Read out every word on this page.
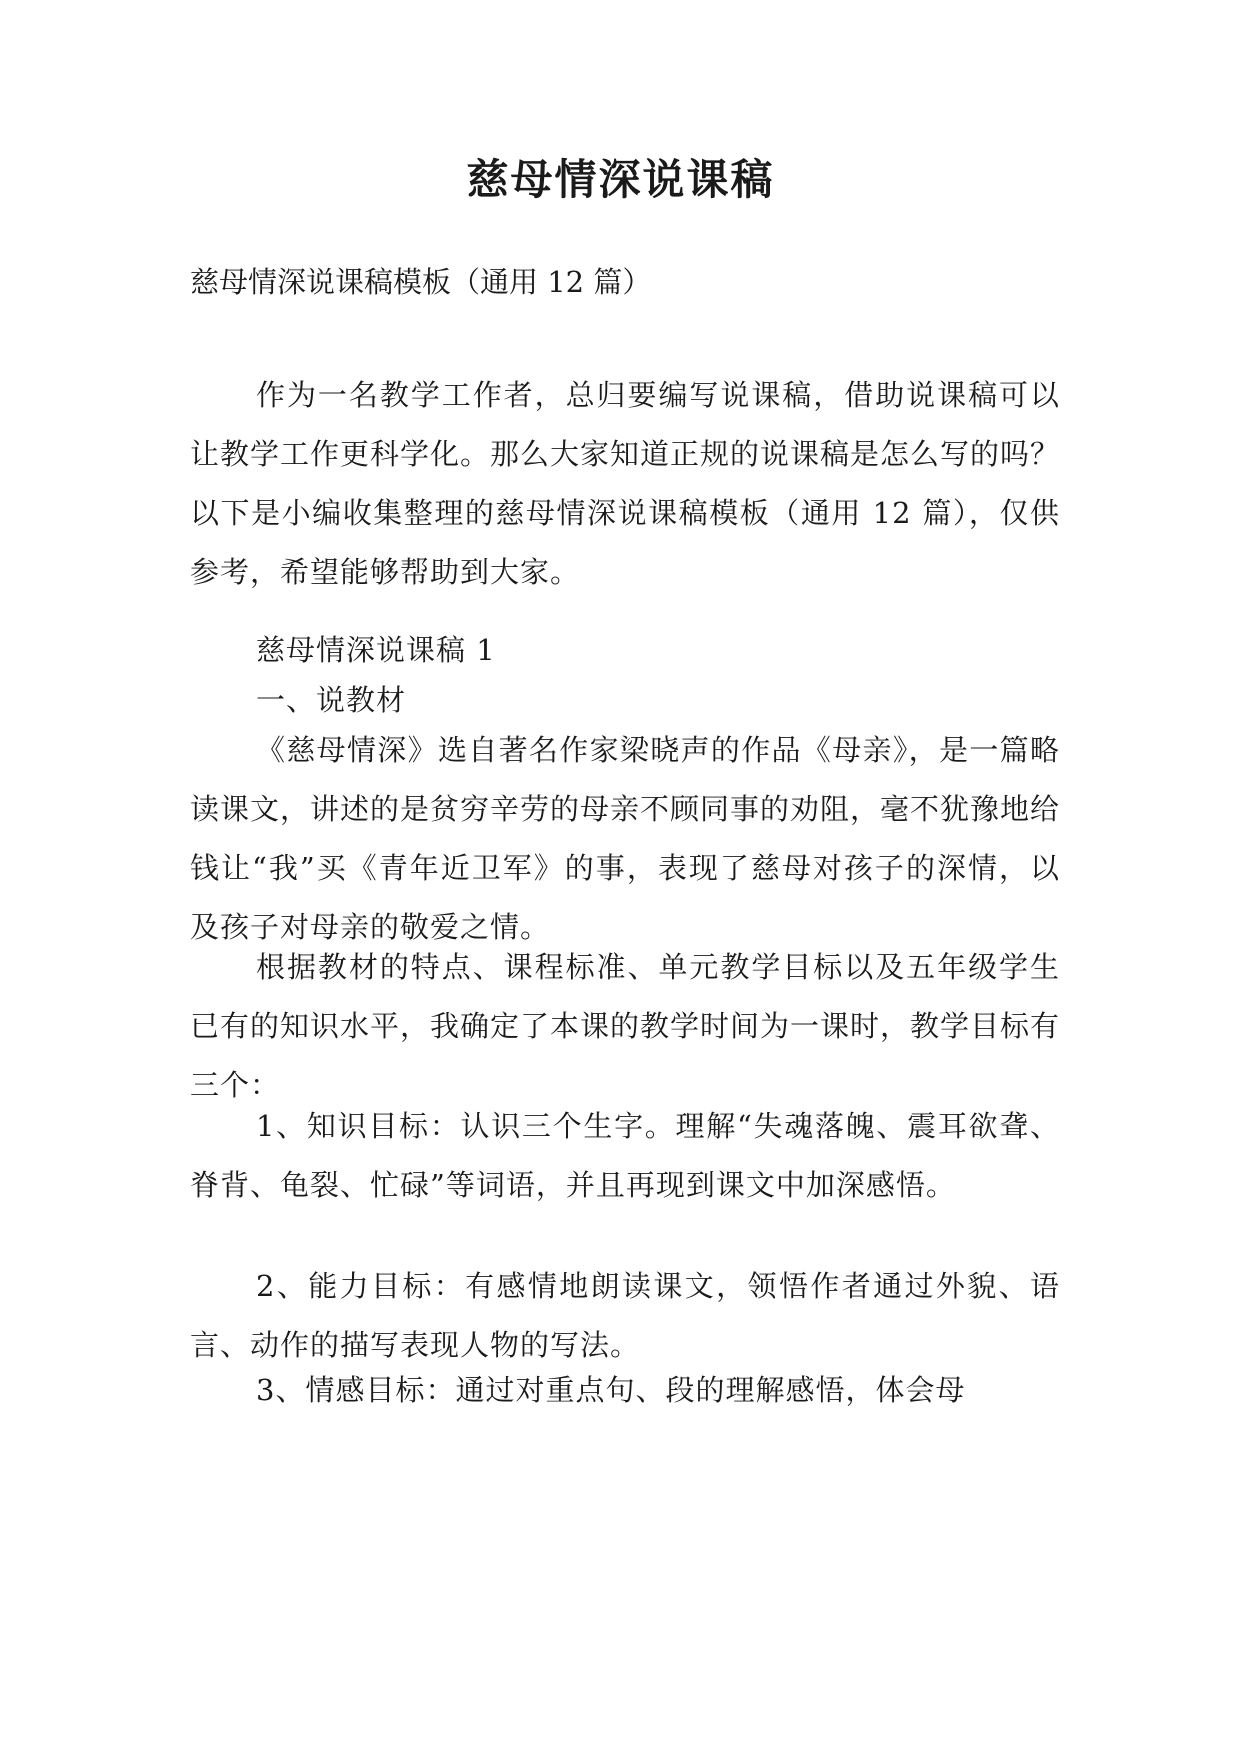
慈母情深说课稿

慈母情深说课稿模板（通用 12 篇）

作为一名教学工作者，总归要编写说课稿，借助说课稿可以让教学工作更科学化。那么大家知道正规的说课稿是怎么写的吗？以下是小编收集整理的慈母情深说课稿模板（通用 12 篇），仅供参考，希望能够帮助到大家。

慈母情深说课稿 1

一、说教材

《慈母情深》选自著名作家梁晓声的作品《母亲》，是一篇略读课文，讲述的是贫穷辛劳的母亲不顾同事的劝阻，毫不犹豫地给钱让“我”买《青年近卫军》的事，表现了慈母对孩子的深情，以及孩子对母亲的敬爱之情。

根据教材的特点、课程标准、单元教学目标以及五年级学生已有的知识水平，我确定了本课的教学时间为一课时，教学目标有三个：

1、知识目标：认识三个生字。理解“失魂落魄、震耳欲聋、脊背、龟裂、忙碌”等词语，并且再现到课文中加深感悟。

2、能力目标：有感情地朗读课文，领悟作者通过外貌、语言、动作的描写表现人物的写法。

3、情感目标：通过对重点句、段的理解感悟，体会母
